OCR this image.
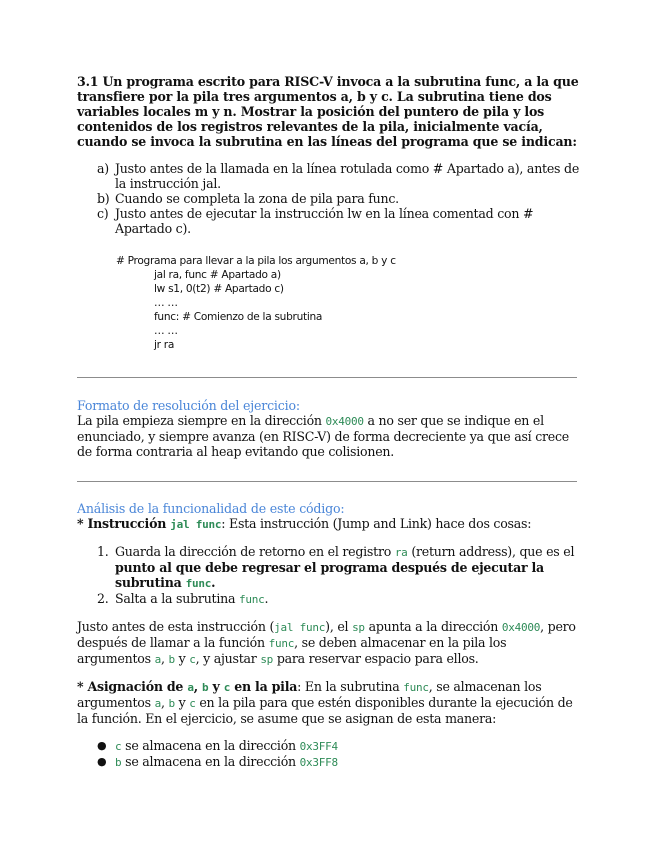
3.1 Un programa escrito para RISC-V invoca a la subrutina func, a la que transfiere por la pila tres argumentos a, b y c. La subrutina tiene dos variables locales m y n. Mostrar la posición del puntero de pila y los contenidos de los registros relevantes de la pila, inicialmente vacía, cuando se invoca la subrutina en las líneas del programa que se indican:

a) Justo antes de la llamada en la línea rotulada como # Apartado a), antes de la instrucción jal.
b) Cuando se completa la zona de pila para func.
c) Justo antes de ejecutar la instrucción lw en la línea comentad con # Apartado c).
# Programa para llevar a la pila los argumentos a, b y c
jal ra, func # Apartado a)
lw s1, 0(t2) # Apartado c)
… …
func: # Comienzo de la subrutina
… …
jr ra

Formato de resolución del ejercicio:

La pila empieza siempre en la dirección 0x4000 a no ser que se indique en el enunciado, y siempre avanza (en RISC-V) de forma decreciente ya que así crece de forma contraria al heap evitando que colisionen.

Análisis de la funcionalidad de este código:

* Instrucción jal func: Esta instrucción (Jump and Link) hace dos cosas:

1. Guarda la dirección de retorno en el registro ra (return address), que es el punto al que debe regresar el programa después de ejecutar la subrutina func.
2. Salta a la subrutina func.

Justo antes de esta instrucción (jal func), el sp apunta a la dirección 0x4000, pero después de llamar a la función func, se deben almacenar en la pila los argumentos a, b y c, y ajustar sp para reservar espacio para ellos.

* Asignación de a, b y c en la pila: En la subrutina func, se almacenan los argumentos a, b y c en la pila para que estén disponibles durante la ejecución de la función. En el ejercicio, se asume que se asignan de esta manera:

● c se almacena en la dirección 0x3FF4
● b se almacena en la dirección 0x3FF8
